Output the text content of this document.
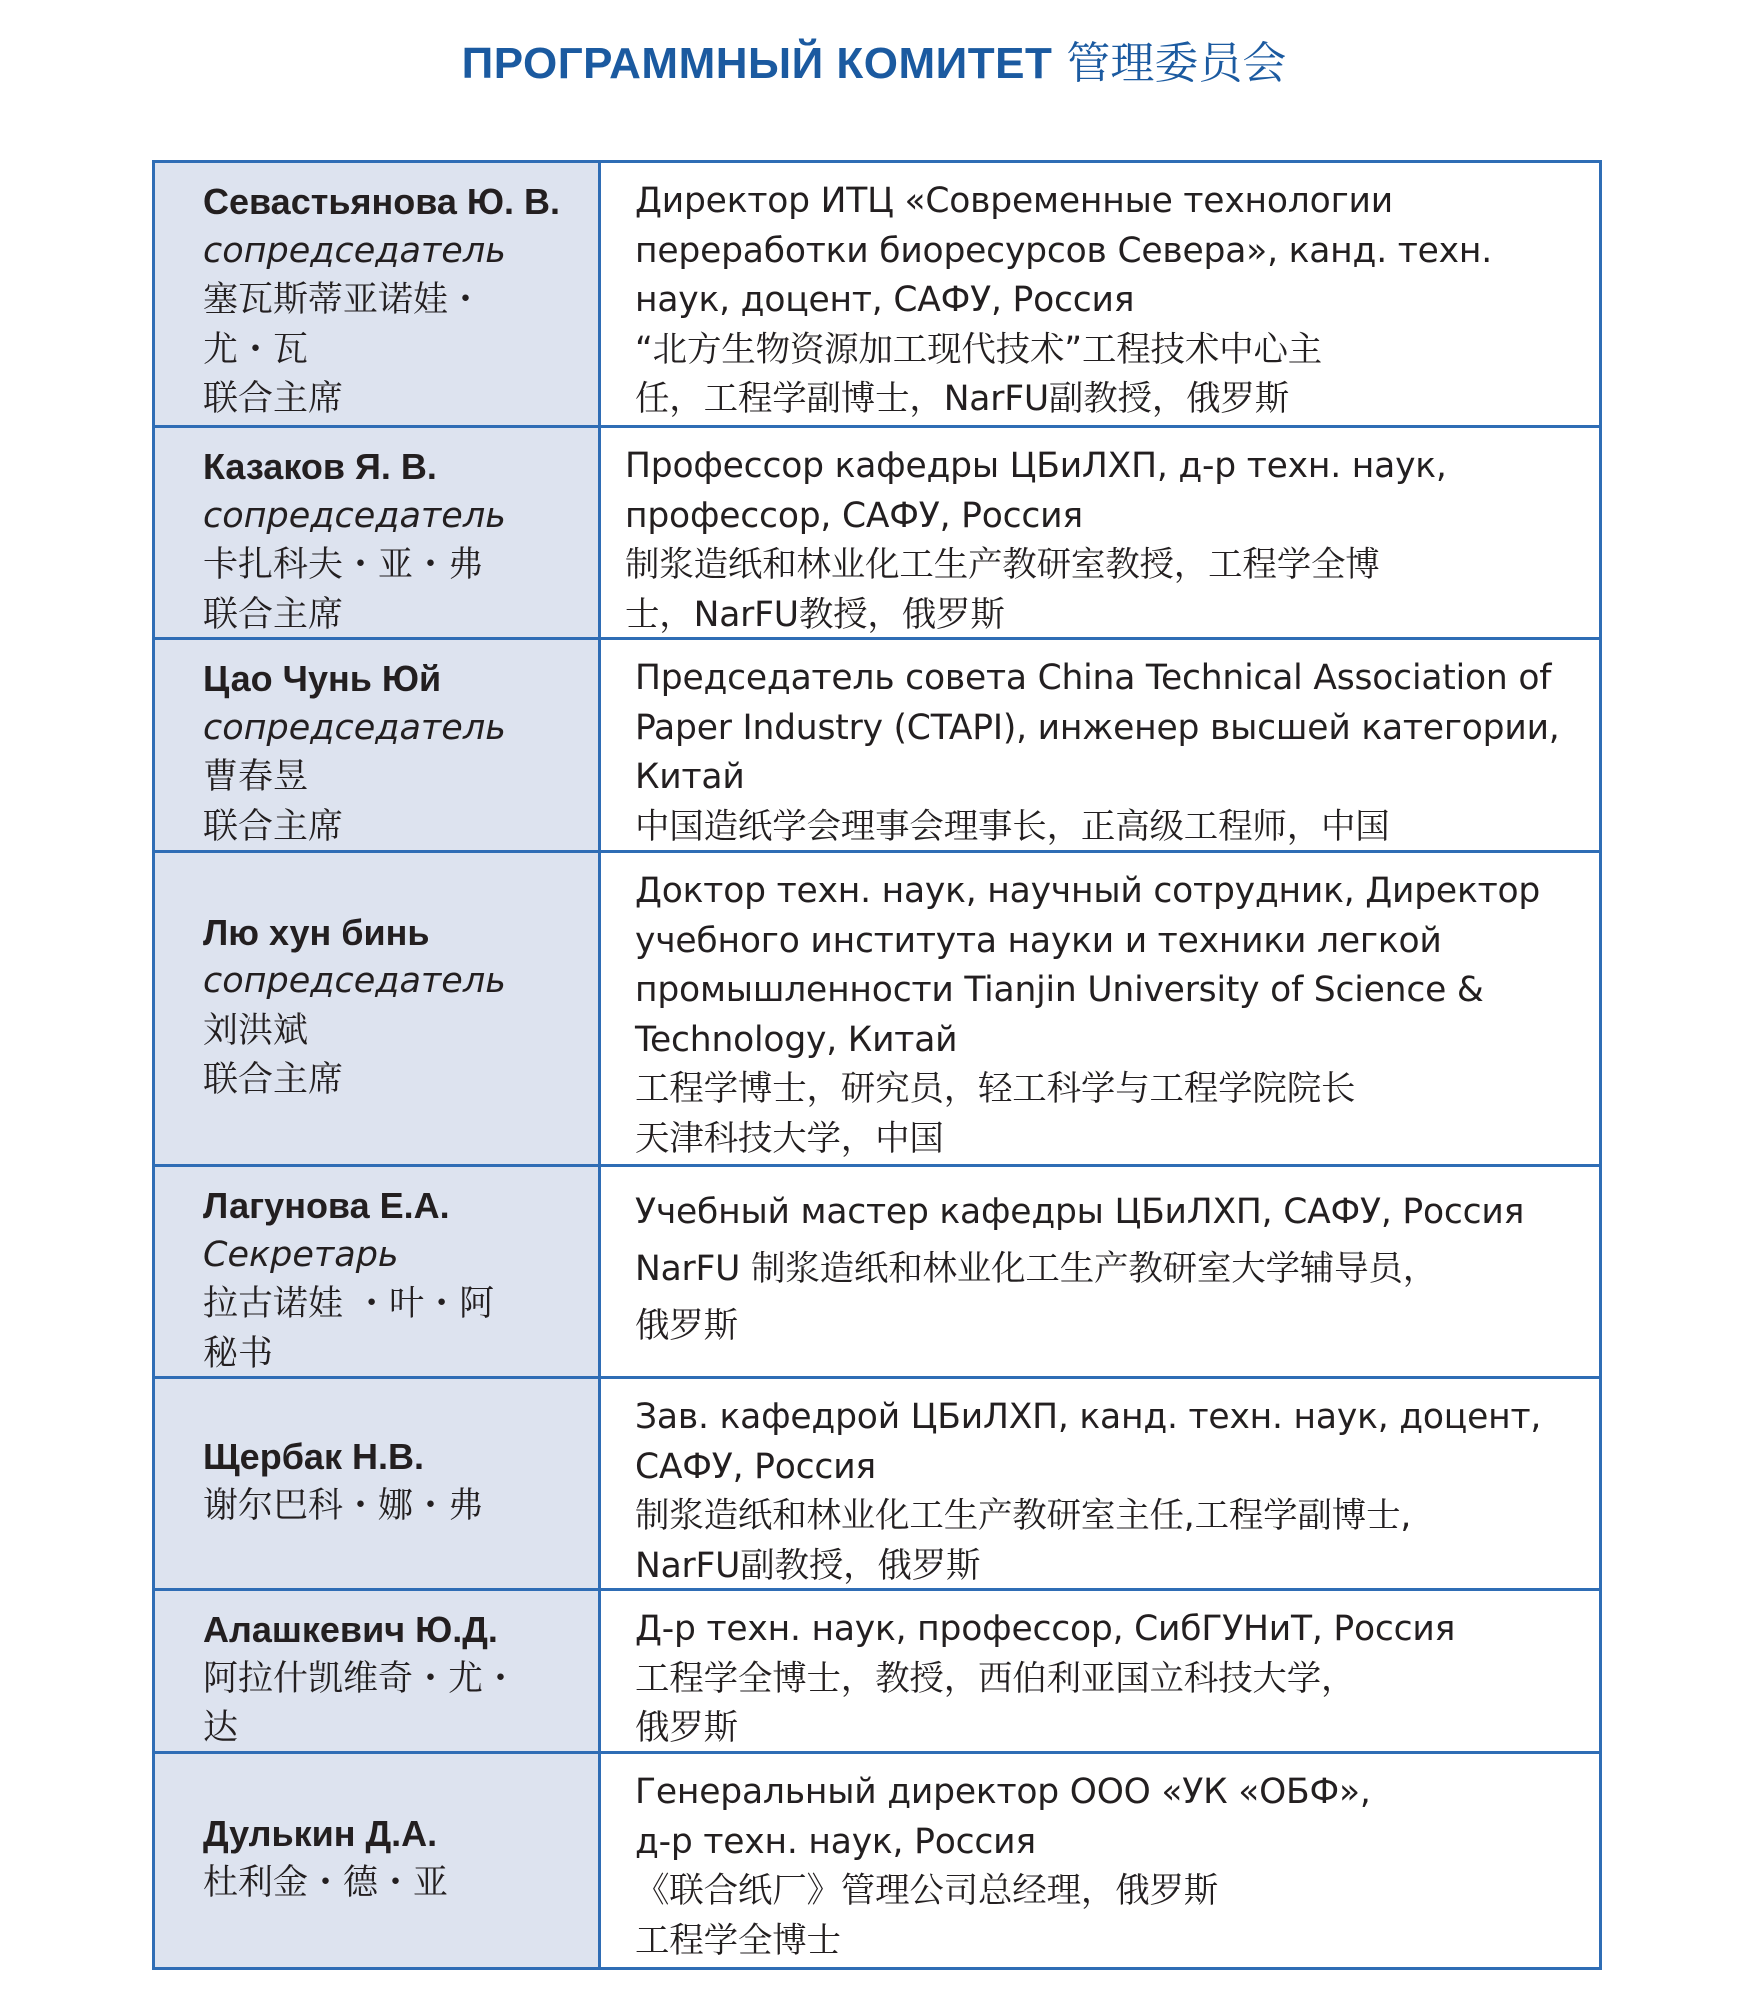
ПРОГРАММНЫЙ КОМИТЕТ 管理委员会
Севастьянова Ю. В.
сопредседатель
塞瓦斯蒂亚诺娃・
尤・瓦
联合主席
Директор ИТЦ «Современные технологии
переработки биоресурсов Севера», канд. техн.
наук, доцент, САФУ, Россия
“北方生物资源加工现代技术”工程技术中心主
任，工程学副博士，NarFU副教授，俄罗斯
Казаков Я. В.
сопредседатель
卡扎科夫・亚・弗
联合主席
Профессор кафедры ЦБиЛХП, д-р техн. наук,
профессор, САФУ, Россия
制浆造纸和林业化工生产教研室教授，工程学全博
士，NarFU教授，俄罗斯
Цао Чунь Юй
сопредседатель
曹春昱
联合主席
Председатель совета China Technical Association of
Paper Industry (CTAPI), инженер высшей категории,
Китай
中国造纸学会理事会理事长，正高级工程师，中国
Лю хун бинь
сопредседатель
刘洪斌
联合主席
Доктор техн. наук, научный сотрудник, Директор
учебного института науки и техники легкой
промышленности Tianjin University of Science &
Technology, Китай
工程学博士，研究员，轻工科学与工程学院院长
天津科技大学，中国
Лагунова Е.А.
Секретарь
拉古诺娃 ・叶・阿
秘书
Учебный мастер кафедры ЦБиЛХП, САФУ, Россия
NarFU 制浆造纸和林业化工生产教研室大学辅导员，
俄罗斯
Щербак Н.В.
谢尔巴科・娜・弗
Зав. кафедрой ЦБиЛХП, канд. техн. наук, доцент,
САФУ, Россия
制浆造纸和林业化工生产教研室主任,工程学副博士,
NarFU副教授，俄罗斯
Алашкевич Ю.Д.
阿拉什凯维奇・尤・
达
Д-р техн. наук, профессор, СибГУНиТ, Россия
工程学全博士，教授，西伯利亚国立科技大学，
俄罗斯
Дулькин Д.А.
杜利金・德・亚
Генеральный директор ООО «УК «ОБФ»,
д-р техн. наук, Россия
《联合纸厂》管理公司总经理，俄罗斯
工程学全博士
